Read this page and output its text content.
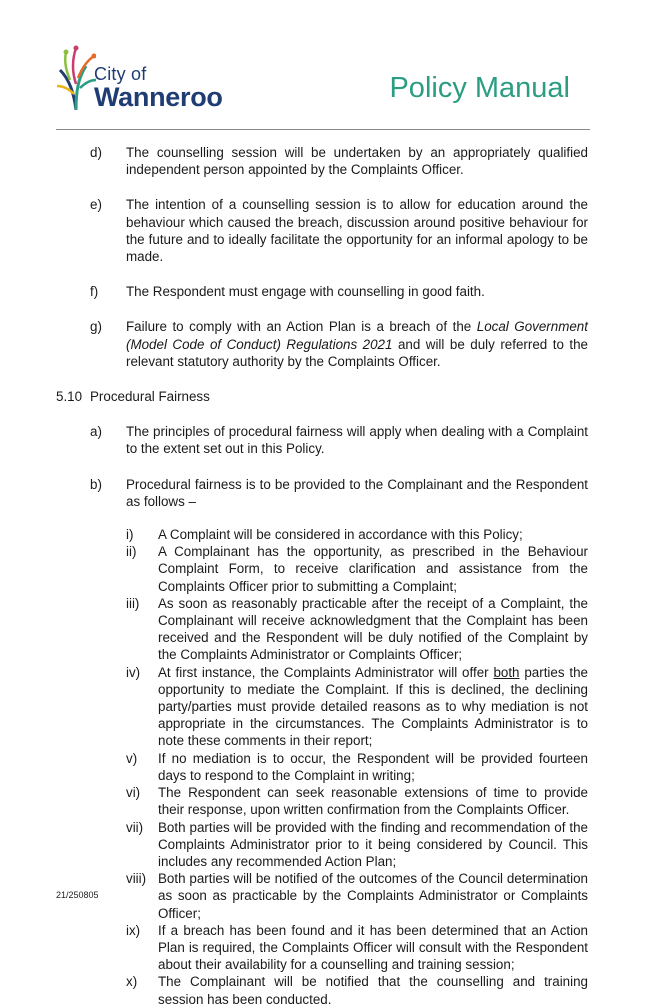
City of
Wanneroo	Policy Manual
d)	The counselling session will be undertaken by an appropriately qualified independent person appointed by the Complaints Officer.
e)	The intention of a counselling session is to allow for education around the behaviour which caused the breach, discussion around positive behaviour for the future and to ideally facilitate the opportunity for an informal apology to be made.
f)	The Respondent must engage with counselling in good faith.
g)	Failure to comply with an Action Plan is a breach of the Local Government (Model Code of Conduct) Regulations 2021 and will be duly referred to the relevant statutory authority by the Complaints Officer.
5.10 Procedural Fairness
a)	The principles of procedural fairness will apply when dealing with a Complaint to the extent set out in this Policy.
b)	Procedural fairness is to be provided to the Complainant and the Respondent as follows –
i)	A Complaint will be considered in accordance with this Policy;
ii)	A Complainant has the opportunity, as prescribed in the Behaviour Complaint Form, to receive clarification and assistance from the Complaints Officer prior to submitting a Complaint;
iii)	As soon as reasonably practicable after the receipt of a Complaint, the Complainant will receive acknowledgment that the Complaint has been received and the Respondent will be duly notified of the Complaint by the Complaints Administrator or Complaints Officer;
iv)	At first instance, the Complaints Administrator will offer both parties the opportunity to mediate the Complaint. If this is declined, the declining party/parties must provide detailed reasons as to why mediation is not appropriate in the circumstances. The Complaints Administrator is to note these comments in their report;
v)	If no mediation is to occur, the Respondent will be provided fourteen days to respond to the Complaint in writing;
vi)	The Respondent can seek reasonable extensions of time to provide their response, upon written confirmation from the Complaints Officer.
vii)	Both parties will be provided with the finding and recommendation of the Complaints Administrator prior to it being considered by Council. This includes any recommended Action Plan;
viii) Both parties will be notified of the outcomes of the Council determination as soon as practicable by the Complaints Administrator or Complaints Officer;
ix)	If a breach has been found and it has been determined that an Action Plan is required, the Complaints Officer will consult with the Respondent about their availability for a counselling and training session;
x)	The Complainant will be notified that the counselling and training session has been conducted.
21/250805
